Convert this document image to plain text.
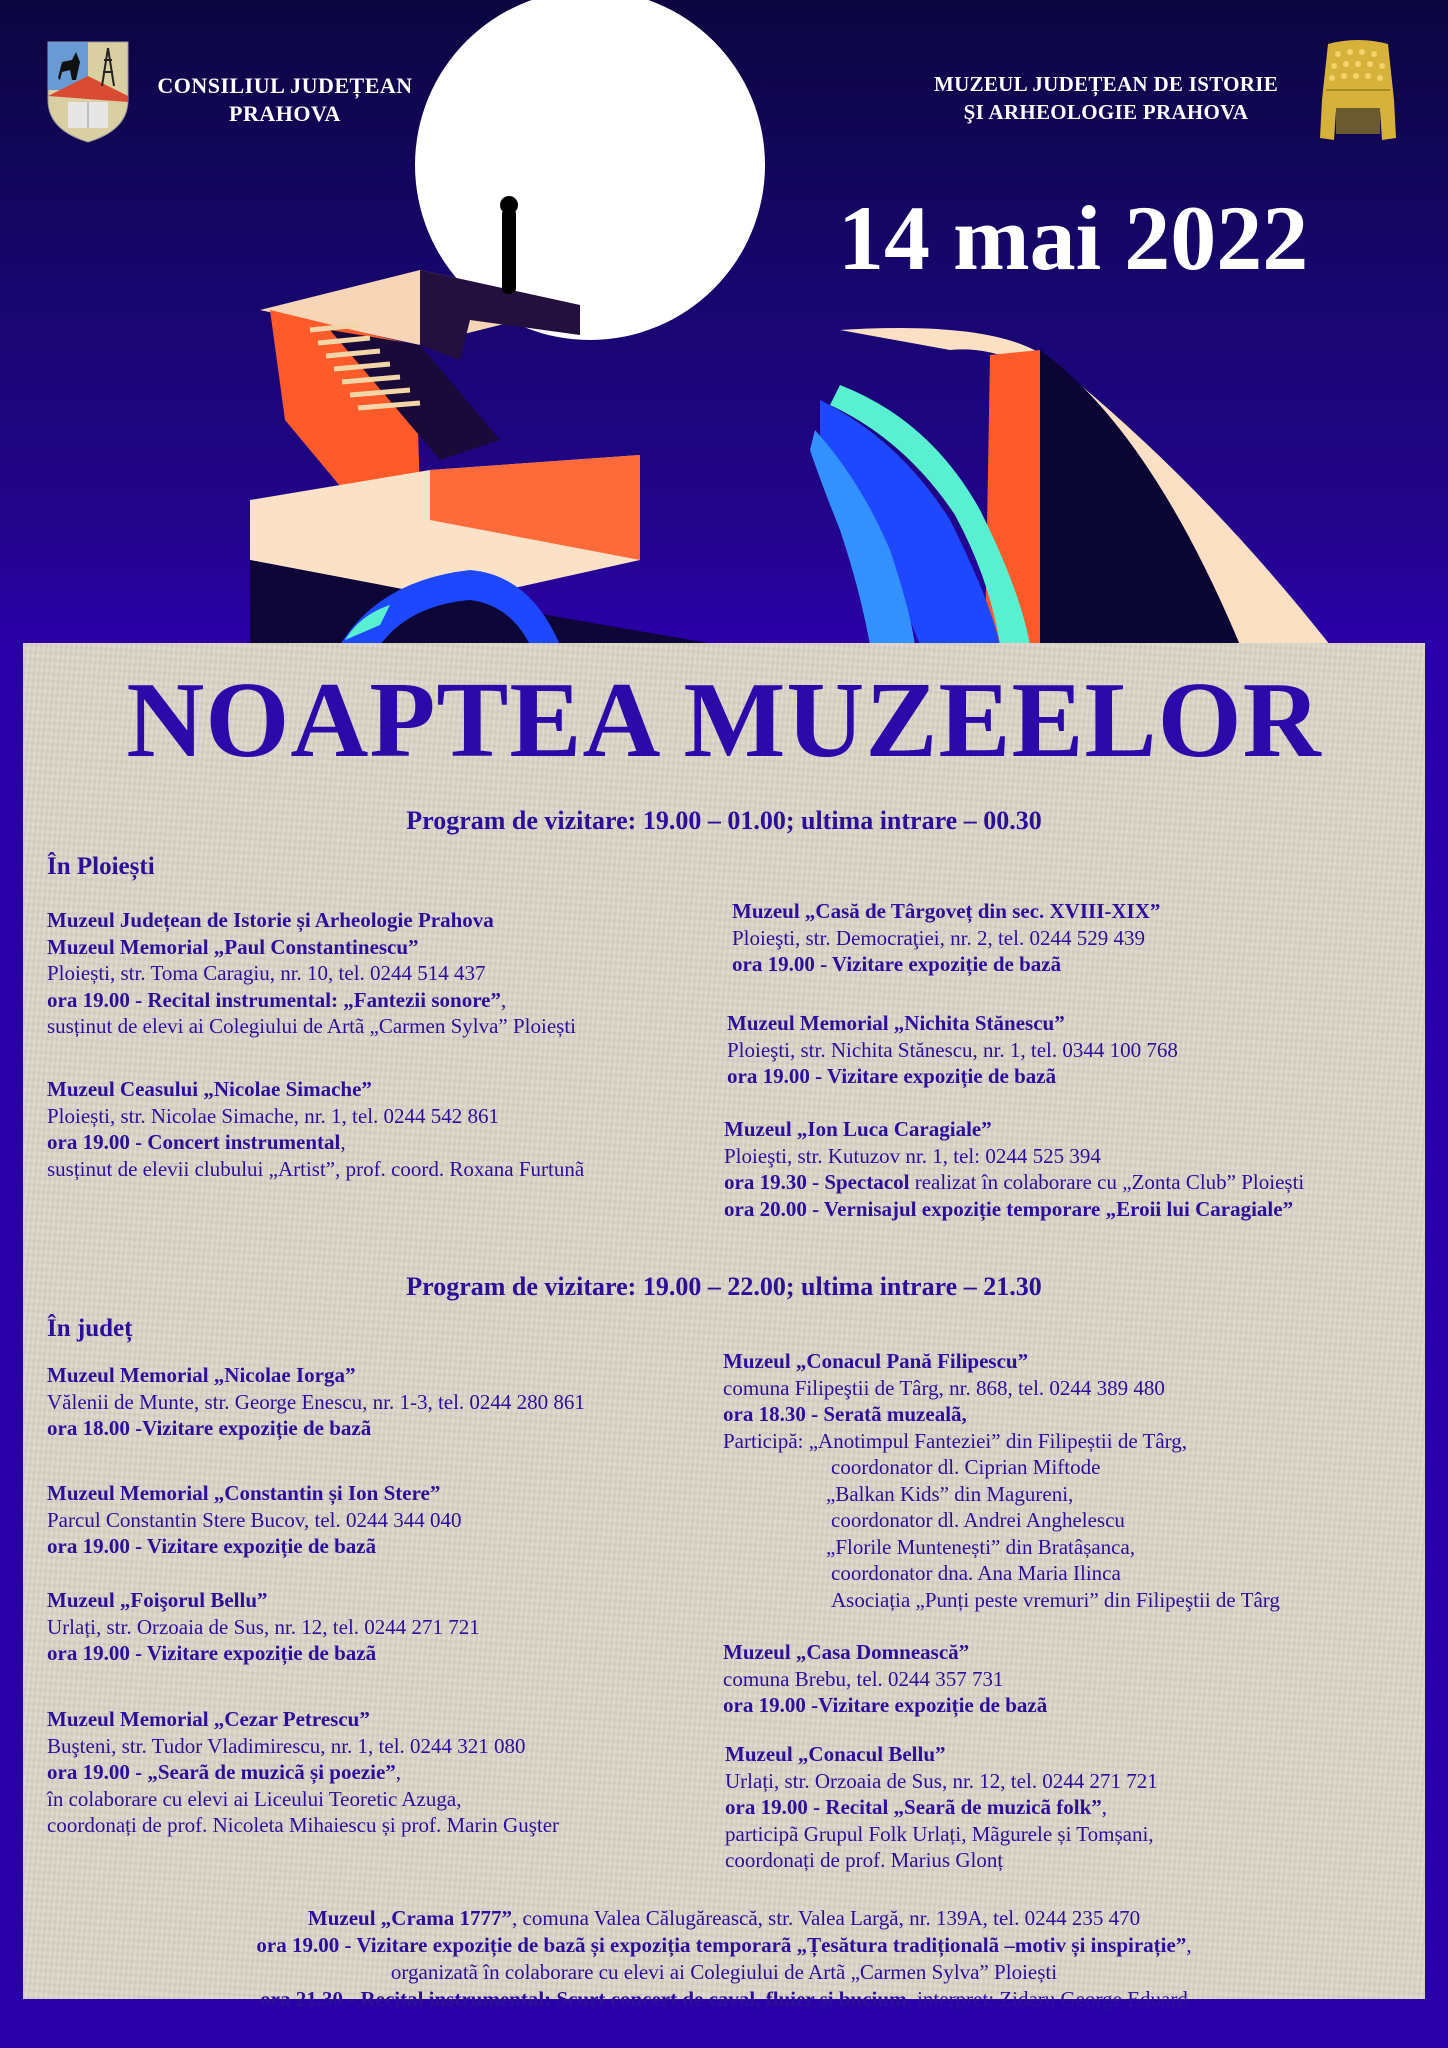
CONSILIUL JUDEȚEAN
PRAHOVA
MUZEUL JUDEȚEAN DE ISTORIE
ŞI ARHEOLOGIE PRAHOVA
14 mai 2022
NOAPTEA MUZEELOR
Program de vizitare: 19.00 – 01.00; ultima intrare – 00.30
În Ploiești
Muzeul Județean de Istorie și Arheologie Prahova
Muzeul Memorial „Paul Constantinescu”
Ploiești, str. Toma Caragiu, nr. 10, tel. 0244 514 437
ora 19.00 - Recital instrumental: „Fantezii sonore”,
susținut de elevi ai Colegiului de Artã „Carmen Sylva” Ploiești
Muzeul Ceasului „Nicolae Simache”
Ploiești, str. Nicolae Simache, nr. 1, tel. 0244 542 861
ora 19.00 - Concert instrumental,
susținut de elevii clubului „Artist”, prof. coord. Roxana Furtunã
Muzeul „Casă de Târgoveț din sec. XVIII-XIX”
Ploieşti, str. Democraţiei, nr. 2, tel. 0244 529 439
ora 19.00 - Vizitare expoziție de bazã
Muzeul Memorial „Nichita Stănescu”
Ploieşti, str. Nichita Stănescu, nr. 1, tel. 0344 100 768
ora 19.00 - Vizitare expoziție de bazã
Muzeul „Ion Luca Caragiale”
Ploieşti, str. Kutuzov nr. 1, tel: 0244 525 394
ora 19.30 - Spectacol realizat în colaborare cu „Zonta Club” Ploiești
ora 20.00 - Vernisajul expoziție temporare „Eroii lui Caragiale”
Program de vizitare: 19.00 – 22.00; ultima intrare – 21.30
În județ
Muzeul Memorial „Nicolae Iorga”
Vălenii de Munte, str. George Enescu, nr. 1-3, tel. 0244 280 861
ora 18.00 -Vizitare expoziție de bazã
Muzeul Memorial „Constantin și Ion Stere”
Parcul Constantin Stere Bucov, tel. 0244 344 040
ora 19.00 - Vizitare expoziție de bazã
Muzeul „Foişorul Bellu”
Urlați, str. Orzoaia de Sus, nr. 12, tel. 0244 271 721
ora 19.00 - Vizitare expoziție de bazã
Muzeul Memorial „Cezar Petrescu”
Buşteni, str. Tudor Vladimirescu, nr. 1, tel. 0244 321 080
ora 19.00 - „Searã de muzicã și poezie”,
în colaborare cu elevi ai Liceului Teoretic Azuga,
coordonați de prof. Nicoleta Mihaiescu și prof. Marin Guşter
Muzeul „Conacul Pană Filipescu”
comuna Filipeştii de Târg, nr. 868, tel. 0244 389 480
ora 18.30 - Seratã muzealã,
Participă: „Anotimpul Fanteziei” din Filipeștii de Târg,
coordonator dl. Ciprian Miftode
„Balkan Kids” din Magureni,
coordonator dl. Andrei Anghelescu
„Florile Muntenești” din Bratâșanca,
coordonator dna. Ana Maria Ilinca
Asociația „Punți peste vremuri” din Filipeştii de Târg
Muzeul „Casa Domnească”
comuna Brebu, tel. 0244 357 731
ora 19.00 -Vizitare expoziție de bazã
Muzeul „Conacul Bellu”
Urlați, str. Orzoaia de Sus, nr. 12, tel. 0244 271 721
ora 19.00 - Recital „Searã de muzicã folk”,
participã Grupul Folk Urlați, Mãgurele și Tomșani,
coordonați de prof. Marius Glonț
Muzeul „Crama 1777”, comuna Valea Călugărească, str. Valea Largă, nr. 139A, tel. 0244 235 470
ora 19.00 - Vizitare expoziție de bazã și expoziția temporarã „Țesătura tradiționalã –motiv și inspirație”,
organizatã în colaborare cu elevi ai Colegiului de Artã „Carmen Sylva” Ploiești
ora 21.30 - Recital instrumental: Scurt concert de caval, fluier și bucium, interpret: Zidaru George Eduard
